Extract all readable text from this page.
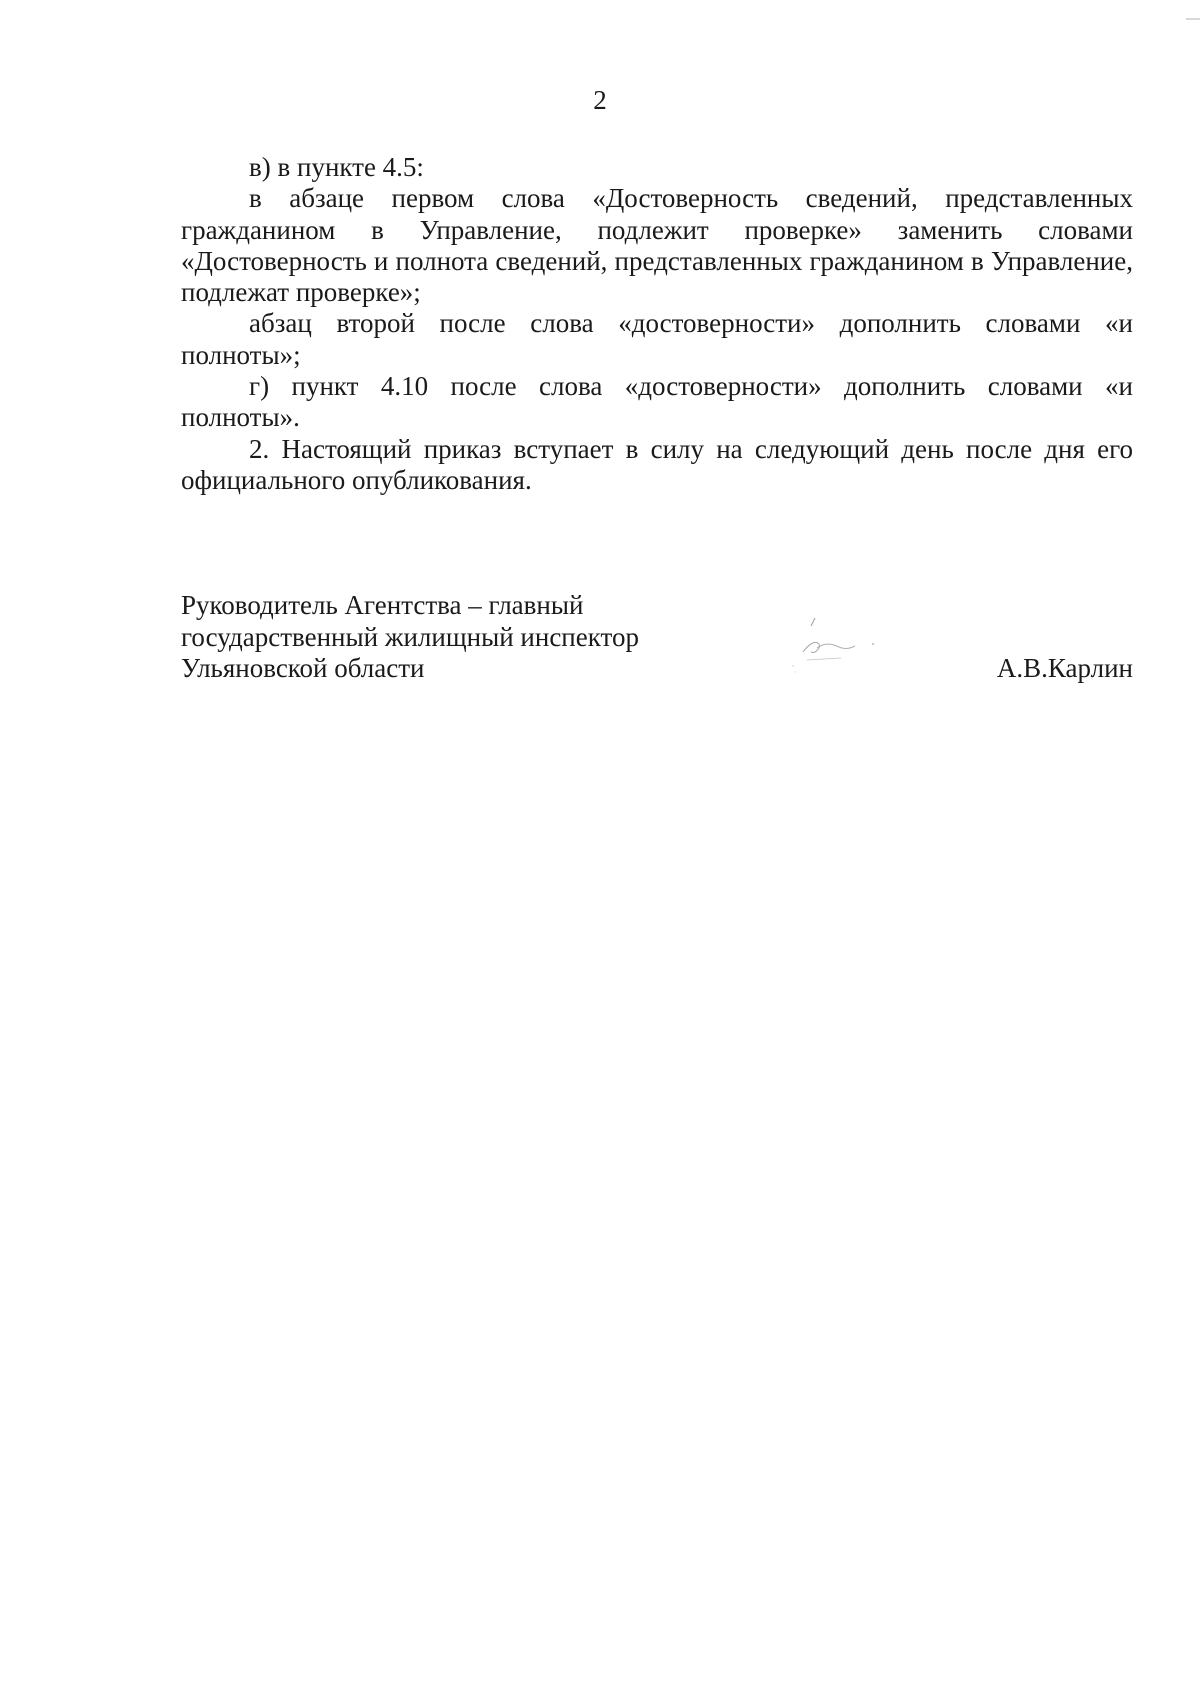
2

в) в пункте 4.5:

в абзаце первом слова «Достоверность сведений, представленных гражданином в Управление, подлежит проверке» заменить словами «Достоверность и полнота сведений, представленных гражданином в Управление, подлежат проверке»;

абзац второй после слова «достоверности» дополнить словами «и полноты»;

г) пункт 4.10 после слова «достоверности» дополнить словами «и полноты».

2. Настоящий приказ вступает в силу на следующий день после дня его официального опубликования.

Руководитель Агентства – главный
государственный жилищный инспектор
Ульяновской области	А.В.Карлин
